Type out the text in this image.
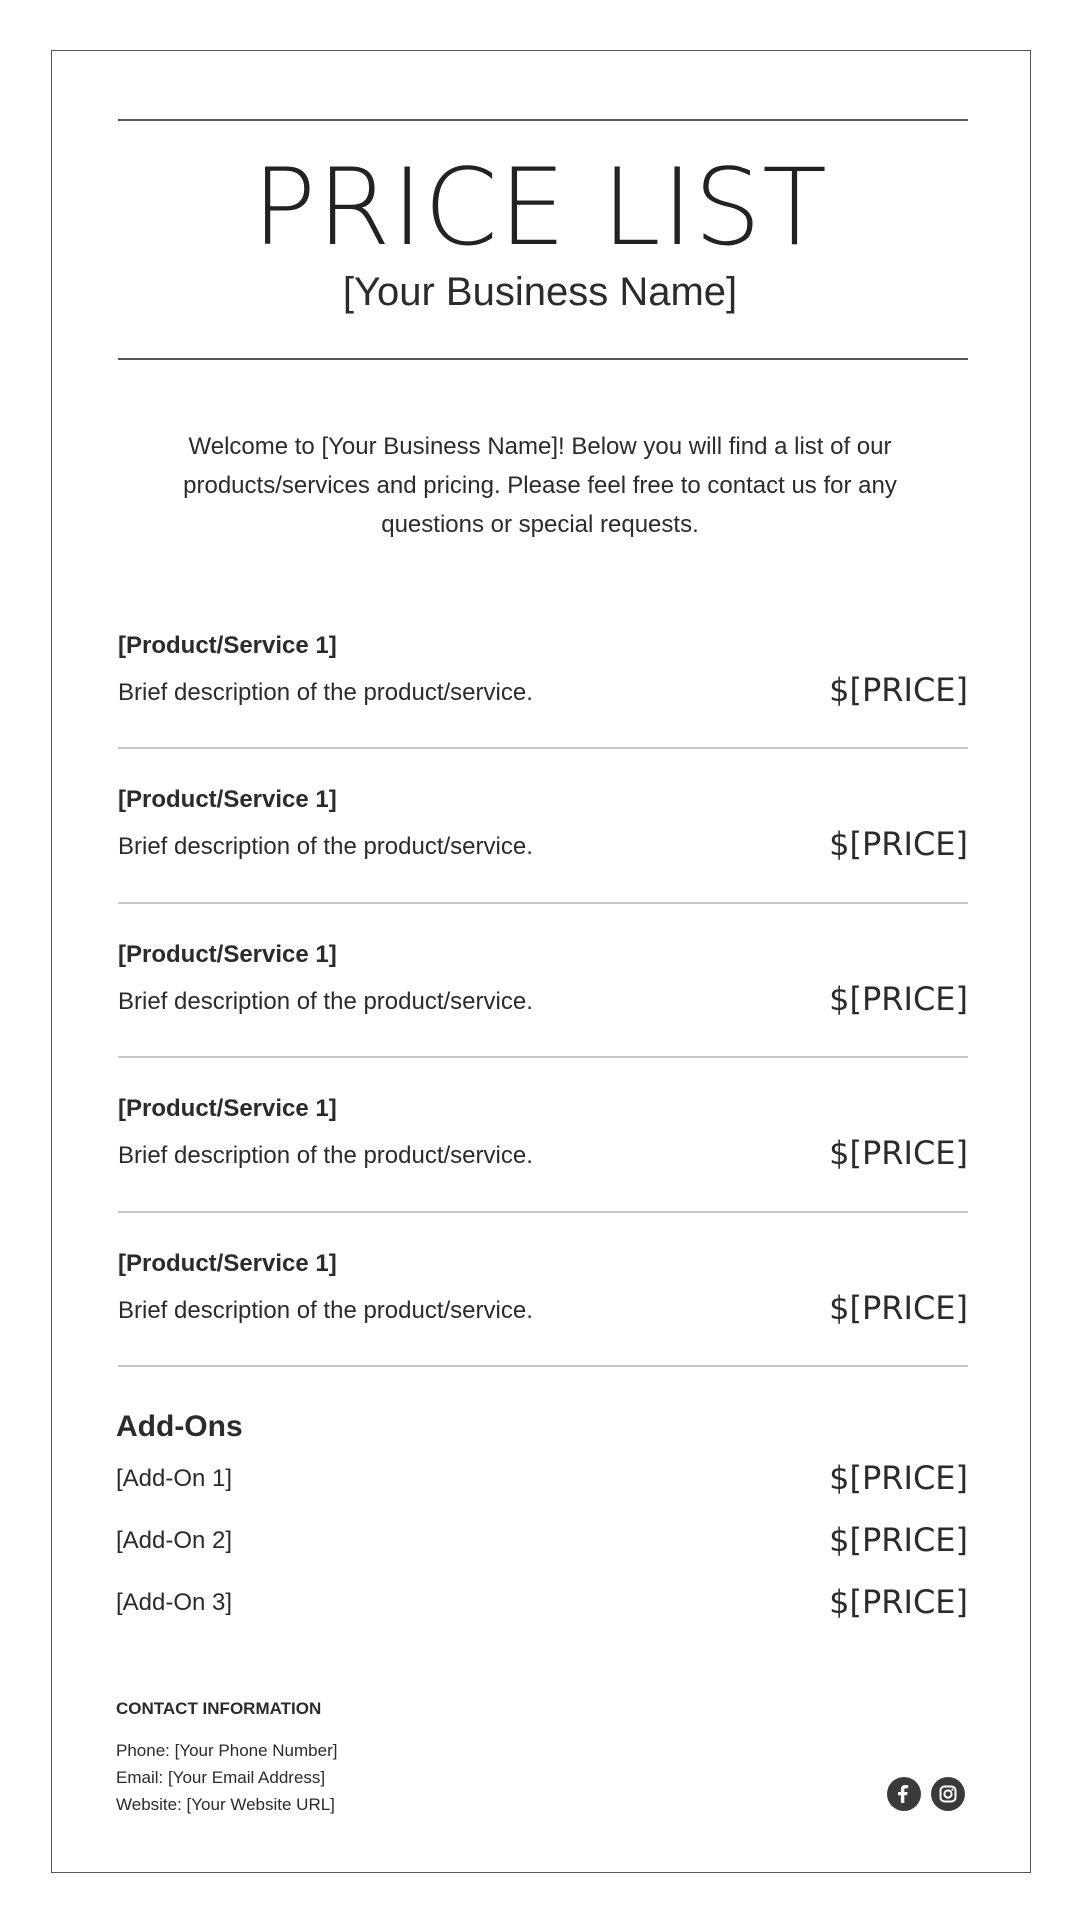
PRICE LIST
[Your Business Name]
Welcome to [Your Business Name]! Below you will find a list of our products/services and pricing. Please feel free to contact us for any questions or special requests.
[Product/Service 1]
Brief description of the product/service.	$[PRICE]
[Product/Service 1]
Brief description of the product/service.	$[PRICE]
[Product/Service 1]
Brief description of the product/service.	$[PRICE]
[Product/Service 1]
Brief description of the product/service.	$[PRICE]
[Product/Service 1]
Brief description of the product/service.	$[PRICE]
Add-Ons
[Add-On 1]	$[PRICE]
[Add-On 2]	$[PRICE]
[Add-On 3]	$[PRICE]
CONTACT INFORMATION
Phone: [Your Phone Number]
Email: [Your Email Address]
Website: [Your Website URL]
